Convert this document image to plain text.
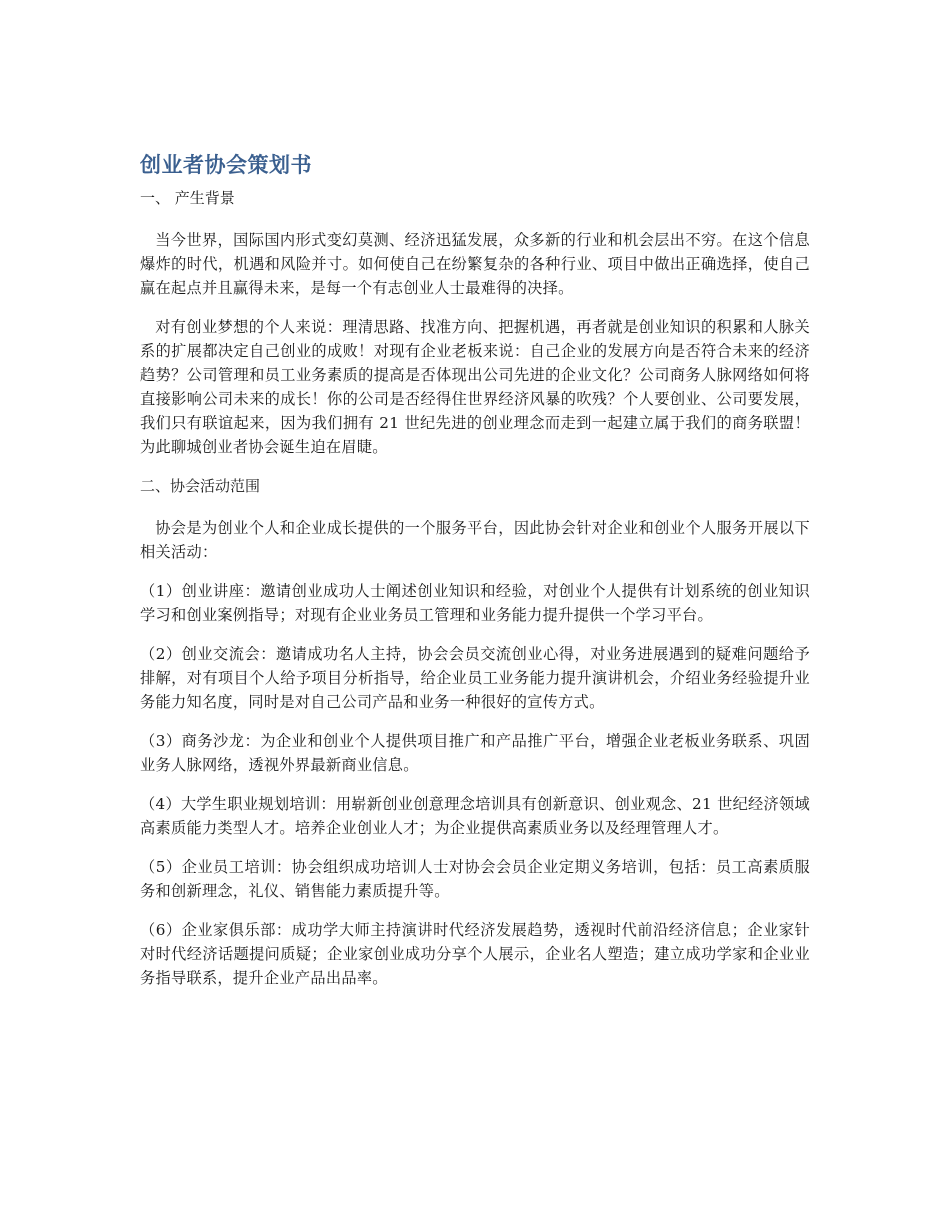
创业者协会策划书
一、 产生背景

当今世界，国际国内形式变幻莫测、经济迅猛发展，众多新的行业和机会层出不穷。在这个信息爆炸的时代，机遇和风险并寸。如何使自己在纷繁复杂的各种行业、项目中做出正确选择，使自己赢在起点并且赢得未来，是每一个有志创业人士最难得的决择。

对有创业梦想的个人来说：理清思路、找准方向、把握机遇，再者就是创业知识的积累和人脉关系的扩展都决定自己创业的成败！对现有企业老板来说：自己企业的发展方向是否符合未来的经济趋势？公司管理和员工业务素质的提高是否体现出公司先进的企业文化？公司商务人脉网络如何将直接影响公司未来的成长！你的公司是否经得住世界经济风暴的吹残？个人要创业、公司要发展，我们只有联谊起来，因为我们拥有 21 世纪先进的创业理念而走到一起建立属于我们的商务联盟！为此聊城创业者协会诞生迫在眉睫。

二、协会活动范围

协会是为创业个人和企业成长提供的一个服务平台，因此协会针对企业和创业个人服务开展以下相关活动：

（1）创业讲座：邀请创业成功人士阐述创业知识和经验，对创业个人提供有计划系统的创业知识学习和创业案例指导；对现有企业业务员工管理和业务能力提升提供一个学习平台。

（2）创业交流会：邀请成功名人主持，协会会员交流创业心得，对业务进展遇到的疑难问题给予排解，对有项目个人给予项目分析指导，给企业员工业务能力提升演讲机会，介绍业务经验提升业务能力知名度，同时是对自己公司产品和业务一种很好的宣传方式。

（3）商务沙龙：为企业和创业个人提供项目推广和产品推广平台，增强企业老板业务联系、巩固业务人脉网络，透视外界最新商业信息。

（4）大学生职业规划培训：用崭新创业创意理念培训具有创新意识、创业观念、21 世纪经济领域高素质能力类型人才。培养企业创业人才；为企业提供高素质业务以及经理管理人才。

（5）企业员工培训：协会组织成功培训人士对协会会员企业定期义务培训，包括：员工高素质服务和创新理念，礼仪、销售能力素质提升等。

（6）企业家俱乐部：成功学大师主持演讲时代经济发展趋势，透视时代前沿经济信息；企业家针对时代经济话题提问质疑；企业家创业成功分享个人展示，企业名人塑造；建立成功学家和企业业务指导联系，提升企业产品出品率。
